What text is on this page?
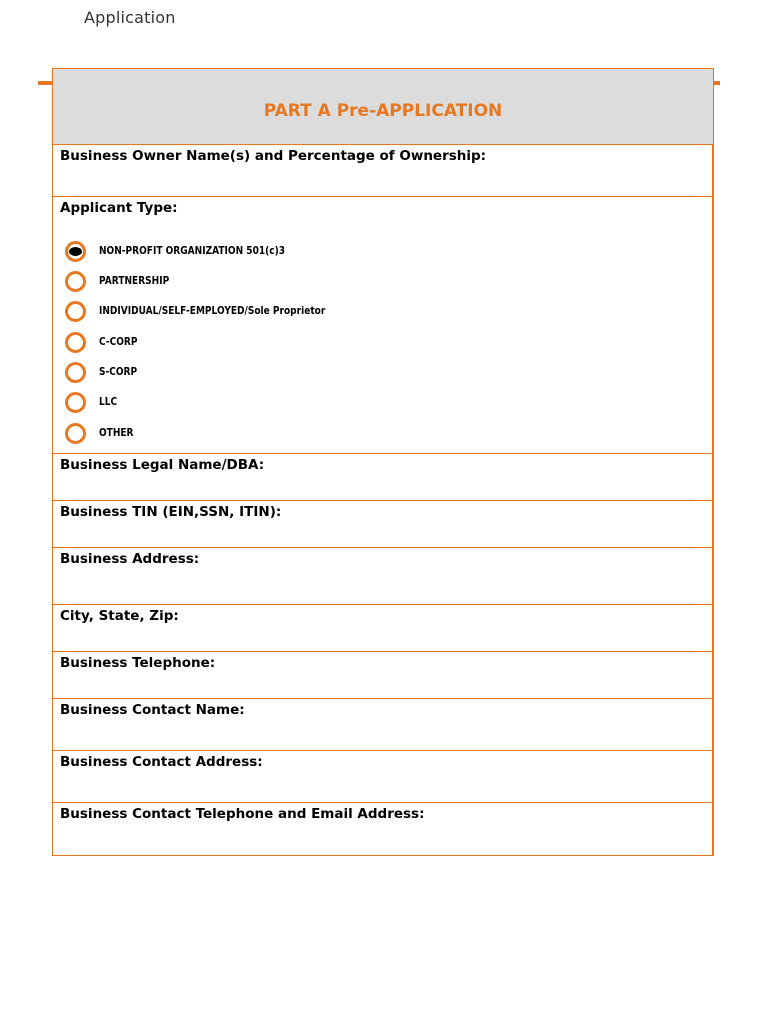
Application
PART A Pre-APPLICATION
Business Owner Name(s) and Percentage of Ownership:
Applicant Type:
NON-PROFIT ORGANIZATION 501(c)3
PARTNERSHIP
INDIVIDUAL/SELF-EMPLOYED/Sole Proprietor
C-CORP
S-CORP
LLC
OTHER
Business Legal Name/DBA:
Business TIN (EIN,SSN, ITIN):
Business Address:
City, State, Zip:
Business Telephone:
Business Contact Name:
Business Contact Address:
Business Contact Telephone and Email Address:
